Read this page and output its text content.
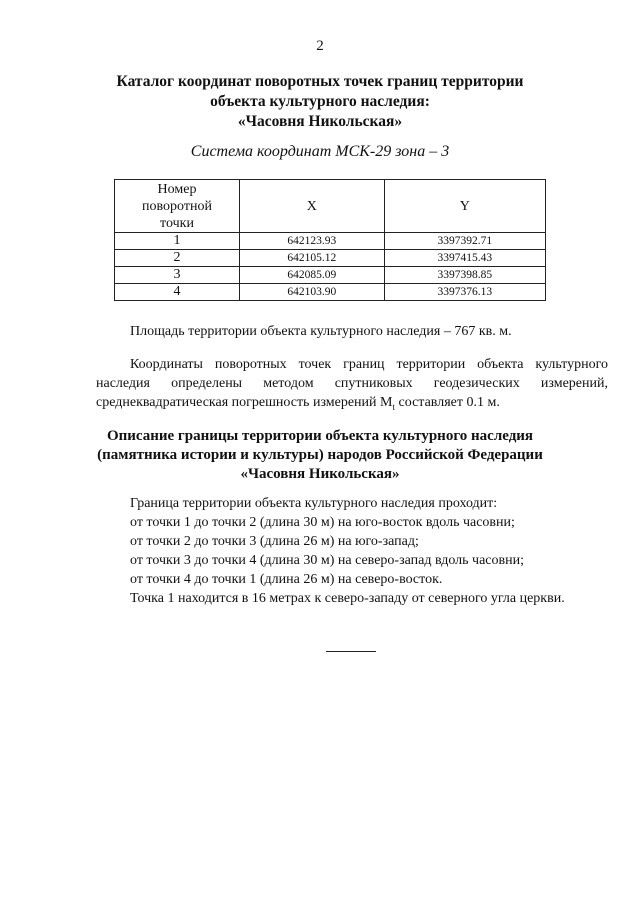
2
Каталог координат поворотных точек границ территории
объекта культурного наследия:
«Часовня Никольская»
Система координат МСК-29 зона – 3
Номер
поворотной
точки	X	Y
1	642123.93	3397392.71
2	642105.12	3397415.43
3	642085.09	3397398.85
4	642103.90	3397376.13

Площадь территории объекта культурного наследия – 767 кв. м.

Координаты поворотных точек границ территории объекта культурного наследия определены методом спутниковых геодезических измерений, среднеквадратическая погрешность измерений $M_t$ составляет 0.1 м.

Описание границы территории объекта культурного наследия
(памятника истории и культуры) народов Российской Федерации
«Часовня Никольская»

Граница территории объекта культурного наследия проходит:

от точки 1 до точки 2 (длина 30 м) на юго-восток вдоль часовни;

от точки 2 до точки 3 (длина 26 м) на юго-запад;

от точки 3 до точки 4 (длина 30 м) на северо-запад вдоль часовни;

от точки 4 до точки 1 (длина 26 м) на северо-восток.

Точка 1 находится в 16 метрах к северо-западу от северного угла церкви.
